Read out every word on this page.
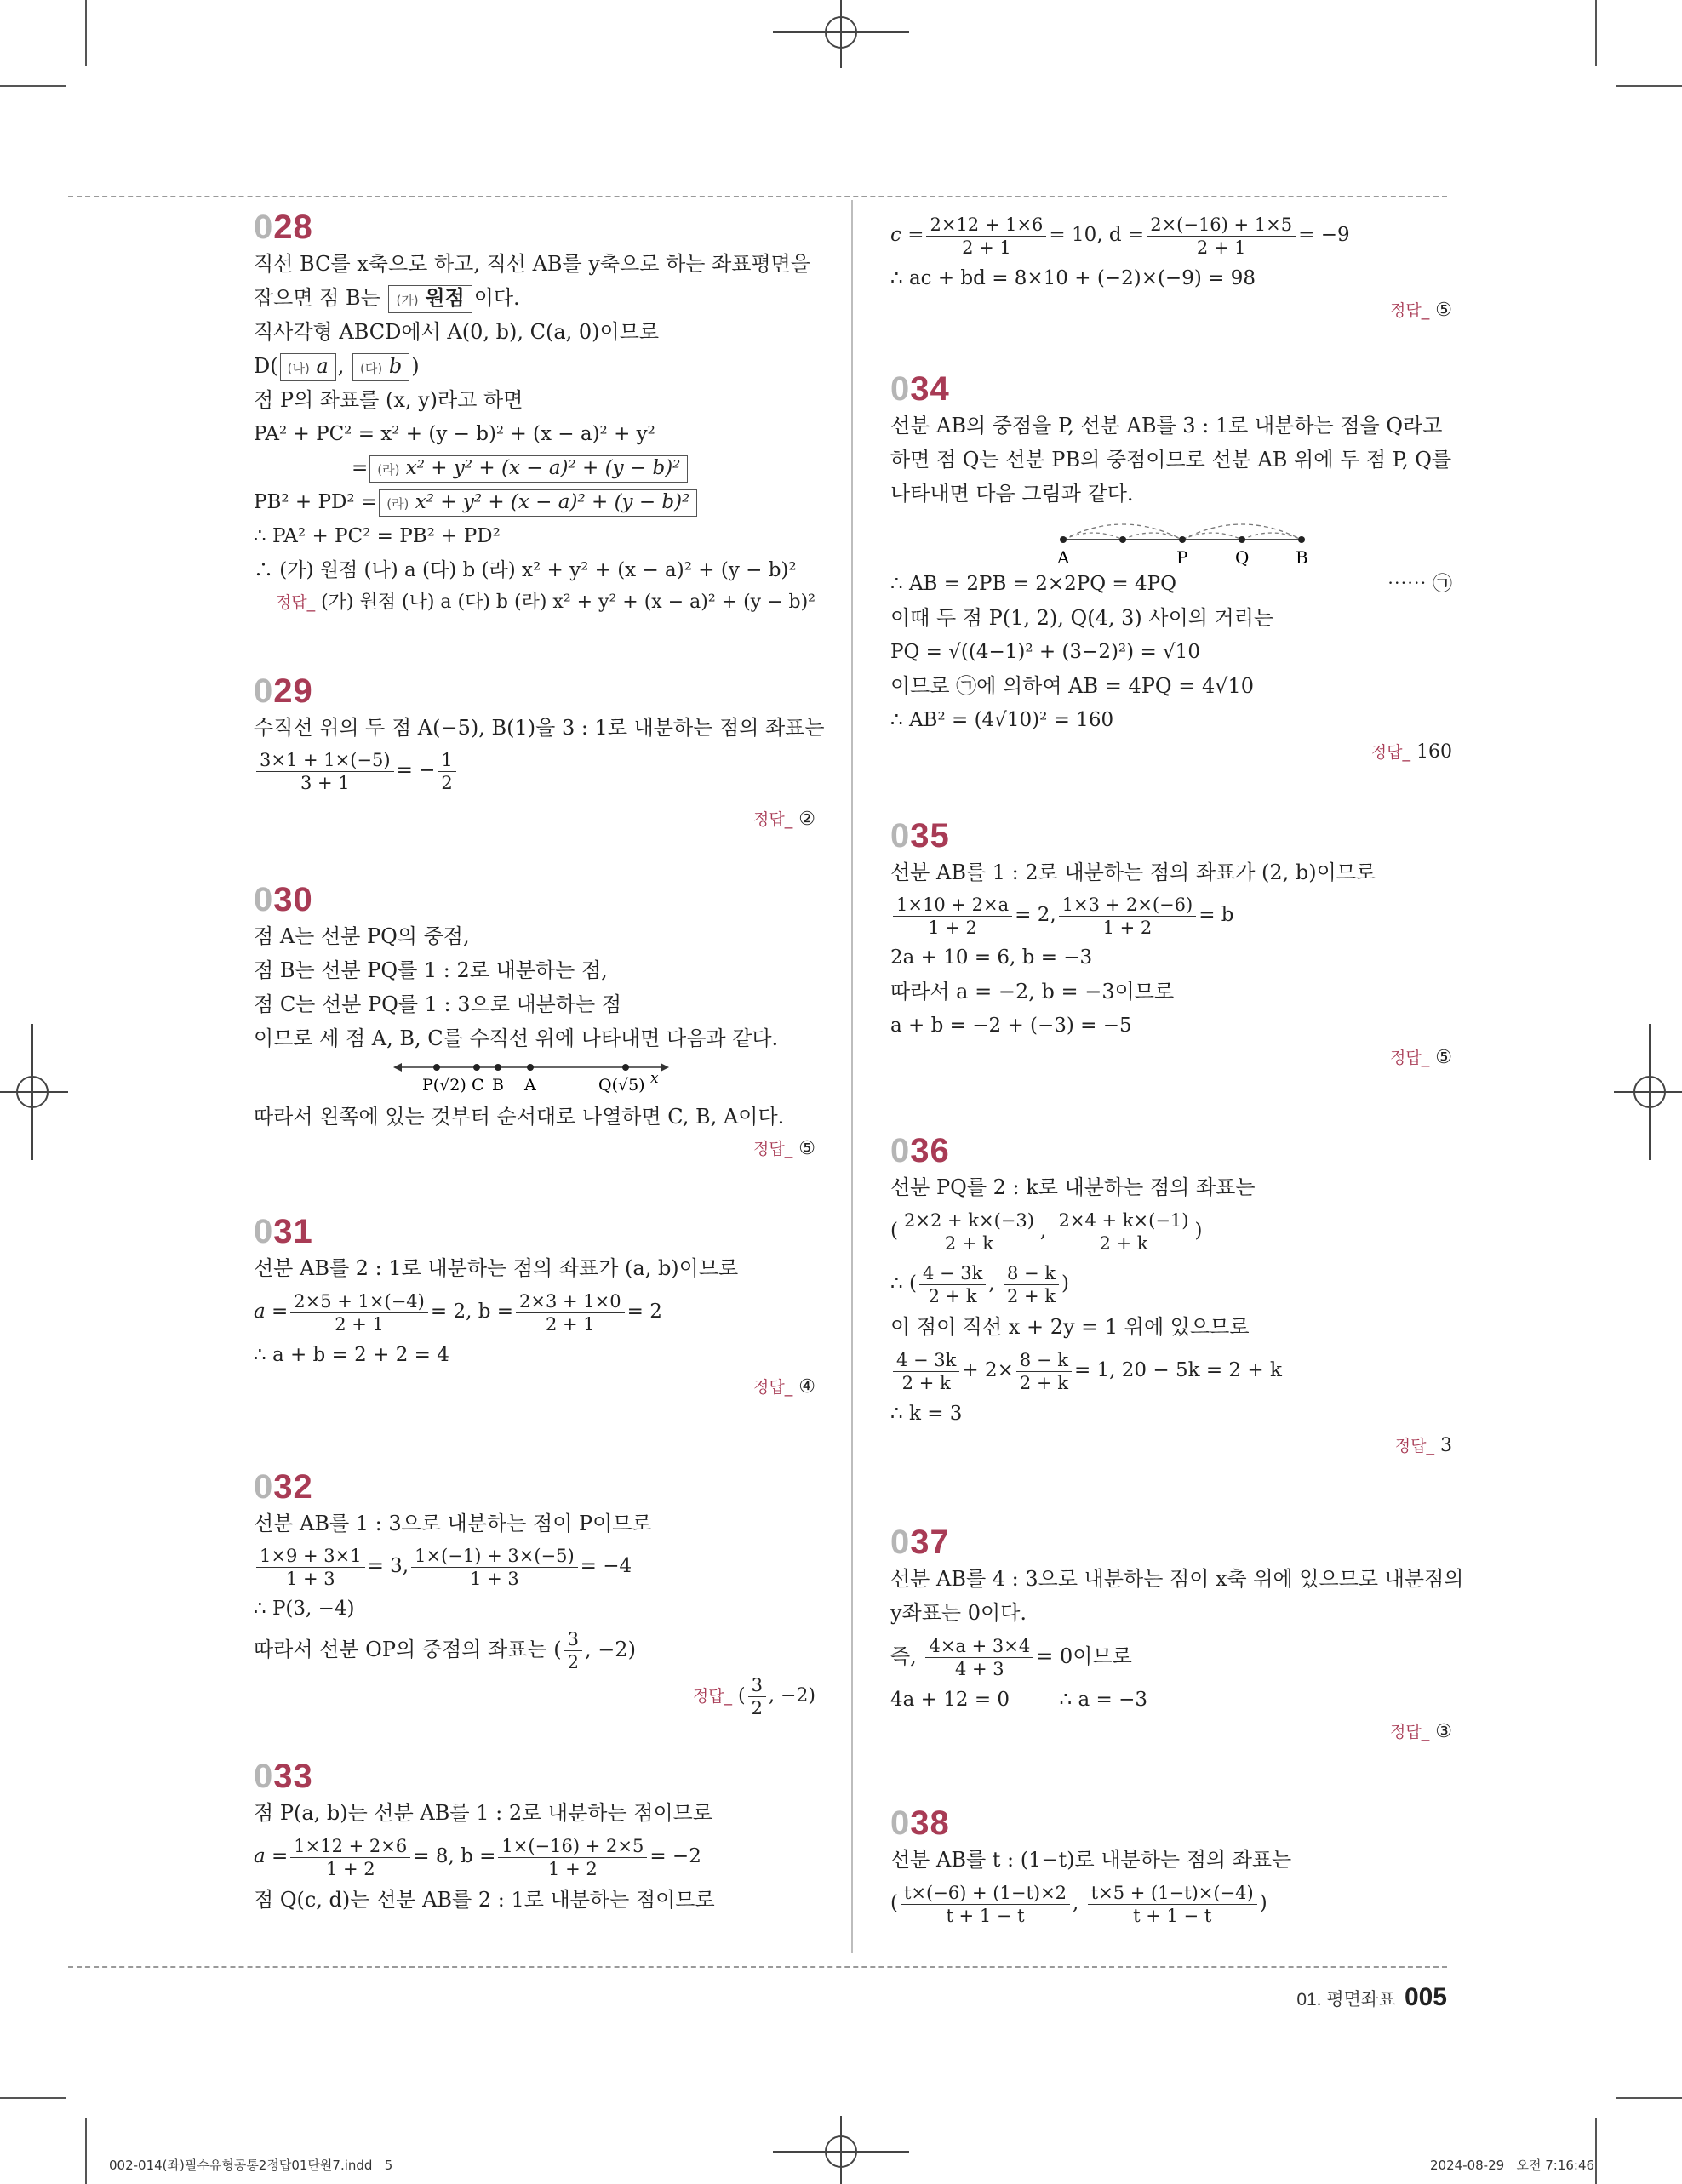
028
직선 BC를 x축으로 하고, 직선 AB를 y축으로 하는 좌표평면을
잡으면 점 B는 (가) 원점 이다.
직사각형 ABCD에서 A(0, b), C(a, 0)이므로
D( (나) a , (다) b )
점 P의 좌표를 (x, y)라고 하면
PA² + PC² = x² + (y − b)² + (x − a)² + y²
= (라) x² + y² + (x − a)² + (y − b)²
PB² + PD² = (라) x² + y² + (x − a)² + (y − b)²
∴ PA² + PC² = PB² + PD²
∴ (가) 원점 (나) a (다) b (라) x² + y² + (x − a)² + (y − b)²
정답_ (가) 원점 (나) a (다) b (라) x² + y² + (x − a)² + (y − b)²
029
수직선 위의 두 점 A(−5), B(1)을 3 : 1로 내분하는 점의 좌표는
$\frac{3\times 1 + 1\times(-5)}{3 + 1}$ = − $\frac{1}{2}$
정답_ ②
030
점 A는 선분 PQ의 중점,
점 B는 선분 PQ를 1 : 2로 내분하는 점,
점 C는 선분 PQ를 1 : 3으로 내분하는 점
이므로 세 점 A, B, C를 수직선 위에 나타내면 다음과 같다.
P(√2) C B A	Q(√5) x
따라서 왼쪽에 있는 것부터 순서대로 나열하면 C, B, A이다.
정답_ ⑤
031
선분 AB를 2 : 1로 내분하는 점의 좌표가 (a, b)이므로
$a = \frac{2\times 5 + 1\times(-4)}{2 + 1} = 2$, $b = \frac{2\times 3 + 1\times 0}{2 + 1} = 2$
∴ a + b = 2 + 2 = 4
정답_ ④
032
선분 AB를 1 : 3으로 내분하는 점이 P이므로
$\frac{1\times 9 + 3\times 1}{1 + 3} = 3$, $\frac{1\times(-1) + 3\times(-5)}{1 + 3} = -4$
∴ P(3, −4)
따라서 선분 OP의 중점의 좌표는 ( $\frac{3}{2}$ , −2)
정답_ ( $\frac{3}{2}$ , −2)
033
점 P(a, b)는 선분 AB를 1 : 2로 내분하는 점이므로
$a = \frac{1\times 12 + 2\times 6}{1 + 2} = 8$, $b = \frac{1\times(-16) + 2\times 5}{1 + 2} = -2$
점 Q(c, d)는 선분 AB를 2 : 1로 내분하는 점이므로
$c = \frac{2\times 12 + 1\times 6}{2 + 1} = 10$, $d = \frac{2\times(-16) + 1\times 5}{2 + 1} = -9$
∴ ac + bd = 8×10 + (−2)×(−9) = 98
정답_ ⑤
034
선분 AB의 중점을 P, 선분 AB를 3 : 1로 내분하는 점을 Q라고
하면 점 Q는 선분 PB의 중점이므로 선분 AB 위에 두 점 P, Q를
나타내면 다음 그림과 같다.
A	P	Q	B
∴ AB = 2PB = 2×2PQ = 4PQ	⋯⋯ ㉠
이때 두 점 P(1, 2), Q(4, 3) 사이의 거리는
PQ = √((4−1)² + (3−2)²) = √10
이므로 ㉠에 의하여 AB = 4PQ = 4√10
∴ AB² = (4√10)² = 160
정답_ 160
035
선분 AB를 1 : 2로 내분하는 점의 좌표가 (2, b)이므로
$\frac{1\times 10 + 2\times a}{1 + 2} = 2$, $\frac{1\times 3 + 2\times(-6)}{1 + 2} = b$
2a + 10 = 6, b = −3
따라서 a = −2, b = −3이므로
a + b = −2 + (−3) = −5
정답_ ⑤
036
선분 PQ를 2 : k로 내분하는 점의 좌표는
( $\frac{2\times 2 + k\times(-3)}{2 + k}$ , $\frac{2\times 4 + k\times(-1)}{2 + k}$ )
∴ ( $\frac{4 - 3k}{2 + k}$ , $\frac{8 - k}{2 + k}$ )
이 점이 직선 x + 2y = 1 위에 있으므로
$\frac{4 - 3k}{2 + k} + 2\times \frac{8 - k}{2 + k} = 1$, 20 − 5k = 2 + k
∴ k = 3
정답_ 3
037
선분 AB를 4 : 3으로 내분하는 점이 x축 위에 있으므로 내분점의
y좌표는 0이다.
즉, $\frac{4\times a + 3\times 4}{4 + 3} = 0$이므로
4a + 12 = 0        ∴ a = −3
정답_ ③
038
선분 AB를 t : (1−t)로 내분하는 점의 좌표는
( $\frac{t\times(-6) + (1-t)\times 2}{t + 1 - t}$ , $\frac{t\times 5 + (1-t)\times(-4)}{t + 1 - t}$ )
01. 평면좌표 005
002-014(좌)필수유형공통2정답01단원7.indd   5	2024-08-29   오전 7:16:46
